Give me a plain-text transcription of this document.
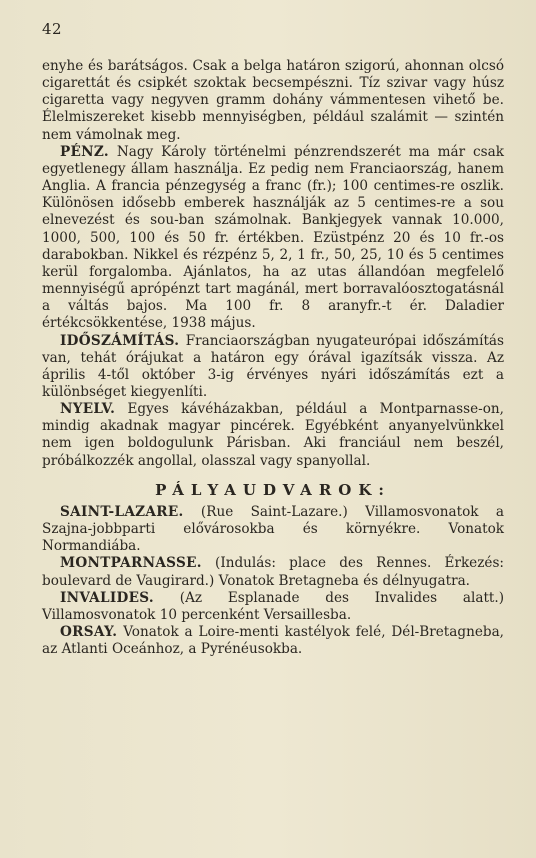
42

enyhe és barátságos. Csak a belga határon szigorú, ahonnan olcsó cigarettát és csipkét szoktak becsempészni. Tíz szivar vagy húsz cigaretta vagy negyven gramm dohány vámmentesen vihető be. Élelmiszereket kisebb mennyiségben, például szalámit — szintén nem vámolnak meg.

PÉNZ. Nagy Károly történelmi pénzrendszerét ma már csak egyetlenegy állam használja. Ez pedig nem Franciaország, hanem Anglia. A francia pénzegység a franc (fr.); 100 centimes-re oszlik. Különösen idősebb emberek használják az 5 centimes-re a sou elnevezést és sou-ban számolnak. Bankjegyek vannak 10.000, 1000, 500, 100 és 50 fr. értékben. Ezüstpénz 20 és 10 fr.-os darabokban. Nikkel és rézpénz 5, 2, 1 fr., 50, 25, 10 és 5 centimes kerül forgalomba. Ajánlatos, ha az utas állandóan megfelelő mennyiségű aprópénzt tart magánál, mert borravalóosztogatásnál a váltás bajos. Ma 100 fr. 8 aranyfr.-t ér. Daladier értékcsökkentése, 1938 május.

IDŐSZÁMÍTÁS. Franciaországban nyugateurópai időszámítás van, tehát órájukat a határon egy órával igazítsák vissza. Az április 4-től október 3-ig érvényes nyári időszámítás ezt a különbséget kiegyenlíti.

NYELV. Egyes kávéházakban, például a Montparnasse-on, mindig akadnak magyar pincérek. Egyébként anyanyelvünkkel nem igen boldogulunk Párisban. Aki franciául nem beszél, próbálkozzék angollal, olasszal vagy spanyollal.

PÁLYAUDVAROK:

SAINT-LAZARE. (Rue Saint-Lazare.) Villamosvonatok a Szajna-jobbparti elővárosokba és környékre. Vonatok Normandiába.

MONTPARNASSE. (Indulás: place des Rennes. Érkezés: boulevard de Vaugirard.) Vonatok Bretagneba és délnyugatra.

INVALIDES. (Az Esplanade des Invalides alatt.) Villamosvonatok 10 percenként Versaillesba.

ORSAY. Vonatok a Loire-menti kastélyok felé, Dél-Bretagneba, az Atlanti Oceánhoz, a Pyrénéusokba.
